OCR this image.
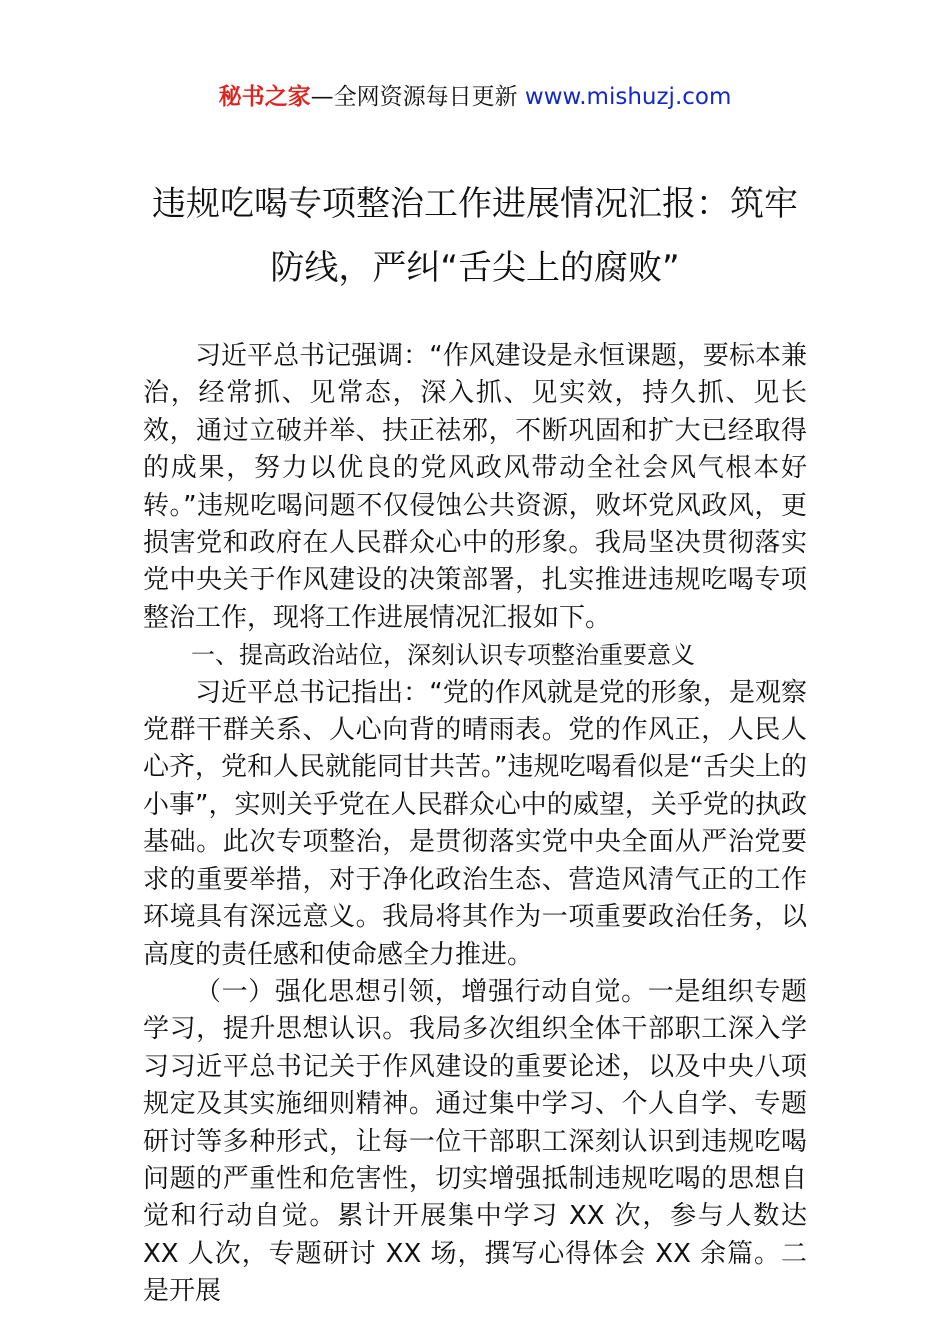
秘书之家—全网资源每日更新 www.mishuzj.com
违规吃喝专项整治工作进展情况汇报：筑牢防线，严纠“舌尖上的腐败”

习近平总书记强调：“作风建设是永恒课题，要标本兼治，经常抓、见常态，深入抓、见实效，持久抓、见长效，通过立破并举、扶正祛邪，不断巩固和扩大已经取得的成果，努力以优良的党风政风带动全社会风气根本好转。”违规吃喝问题不仅侵蚀公共资源，败坏党风政风，更损害党和政府在人民群众心中的形象。我局坚决贯彻落实党中央关于作风建设的决策部署，扎实推进违规吃喝专项整治工作，现将工作进展情况汇报如下。

一、提高政治站位，深刻认识专项整治重要意义

习近平总书记指出：“党的作风就是党的形象，是观察党群干群关系、人心向背的晴雨表。党的作风正，人民人心齐，党和人民就能同甘共苦。”违规吃喝看似是“舌尖上的小事”，实则关乎党在人民群众心中的威望，关乎党的执政基础。此次专项整治，是贯彻落实党中央全面从严治党要求的重要举措，对于净化政治生态、营造风清气正的工作环境具有深远意义。我局将其作为一项重要政治任务，以高度的责任感和使命感全力推进。

（一）强化思想引领，增强行动自觉。一是组织专题学习，提升思想认识。我局多次组织全体干部职工深入学习习近平总书记关于作风建设的重要论述，以及中央八项规定及其实施细则精神。通过集中学习、个人自学、专题研讨等多种形式，让每一位干部职工深刻认识到违规吃喝问题的严重性和危害性，切实增强抵制违规吃喝的思想自觉和行动自觉。累计开展集中学习 XX 次，参与人数达 XX 人次，专题研讨 XX 场，撰写心得体会 XX 余篇。二是开展
